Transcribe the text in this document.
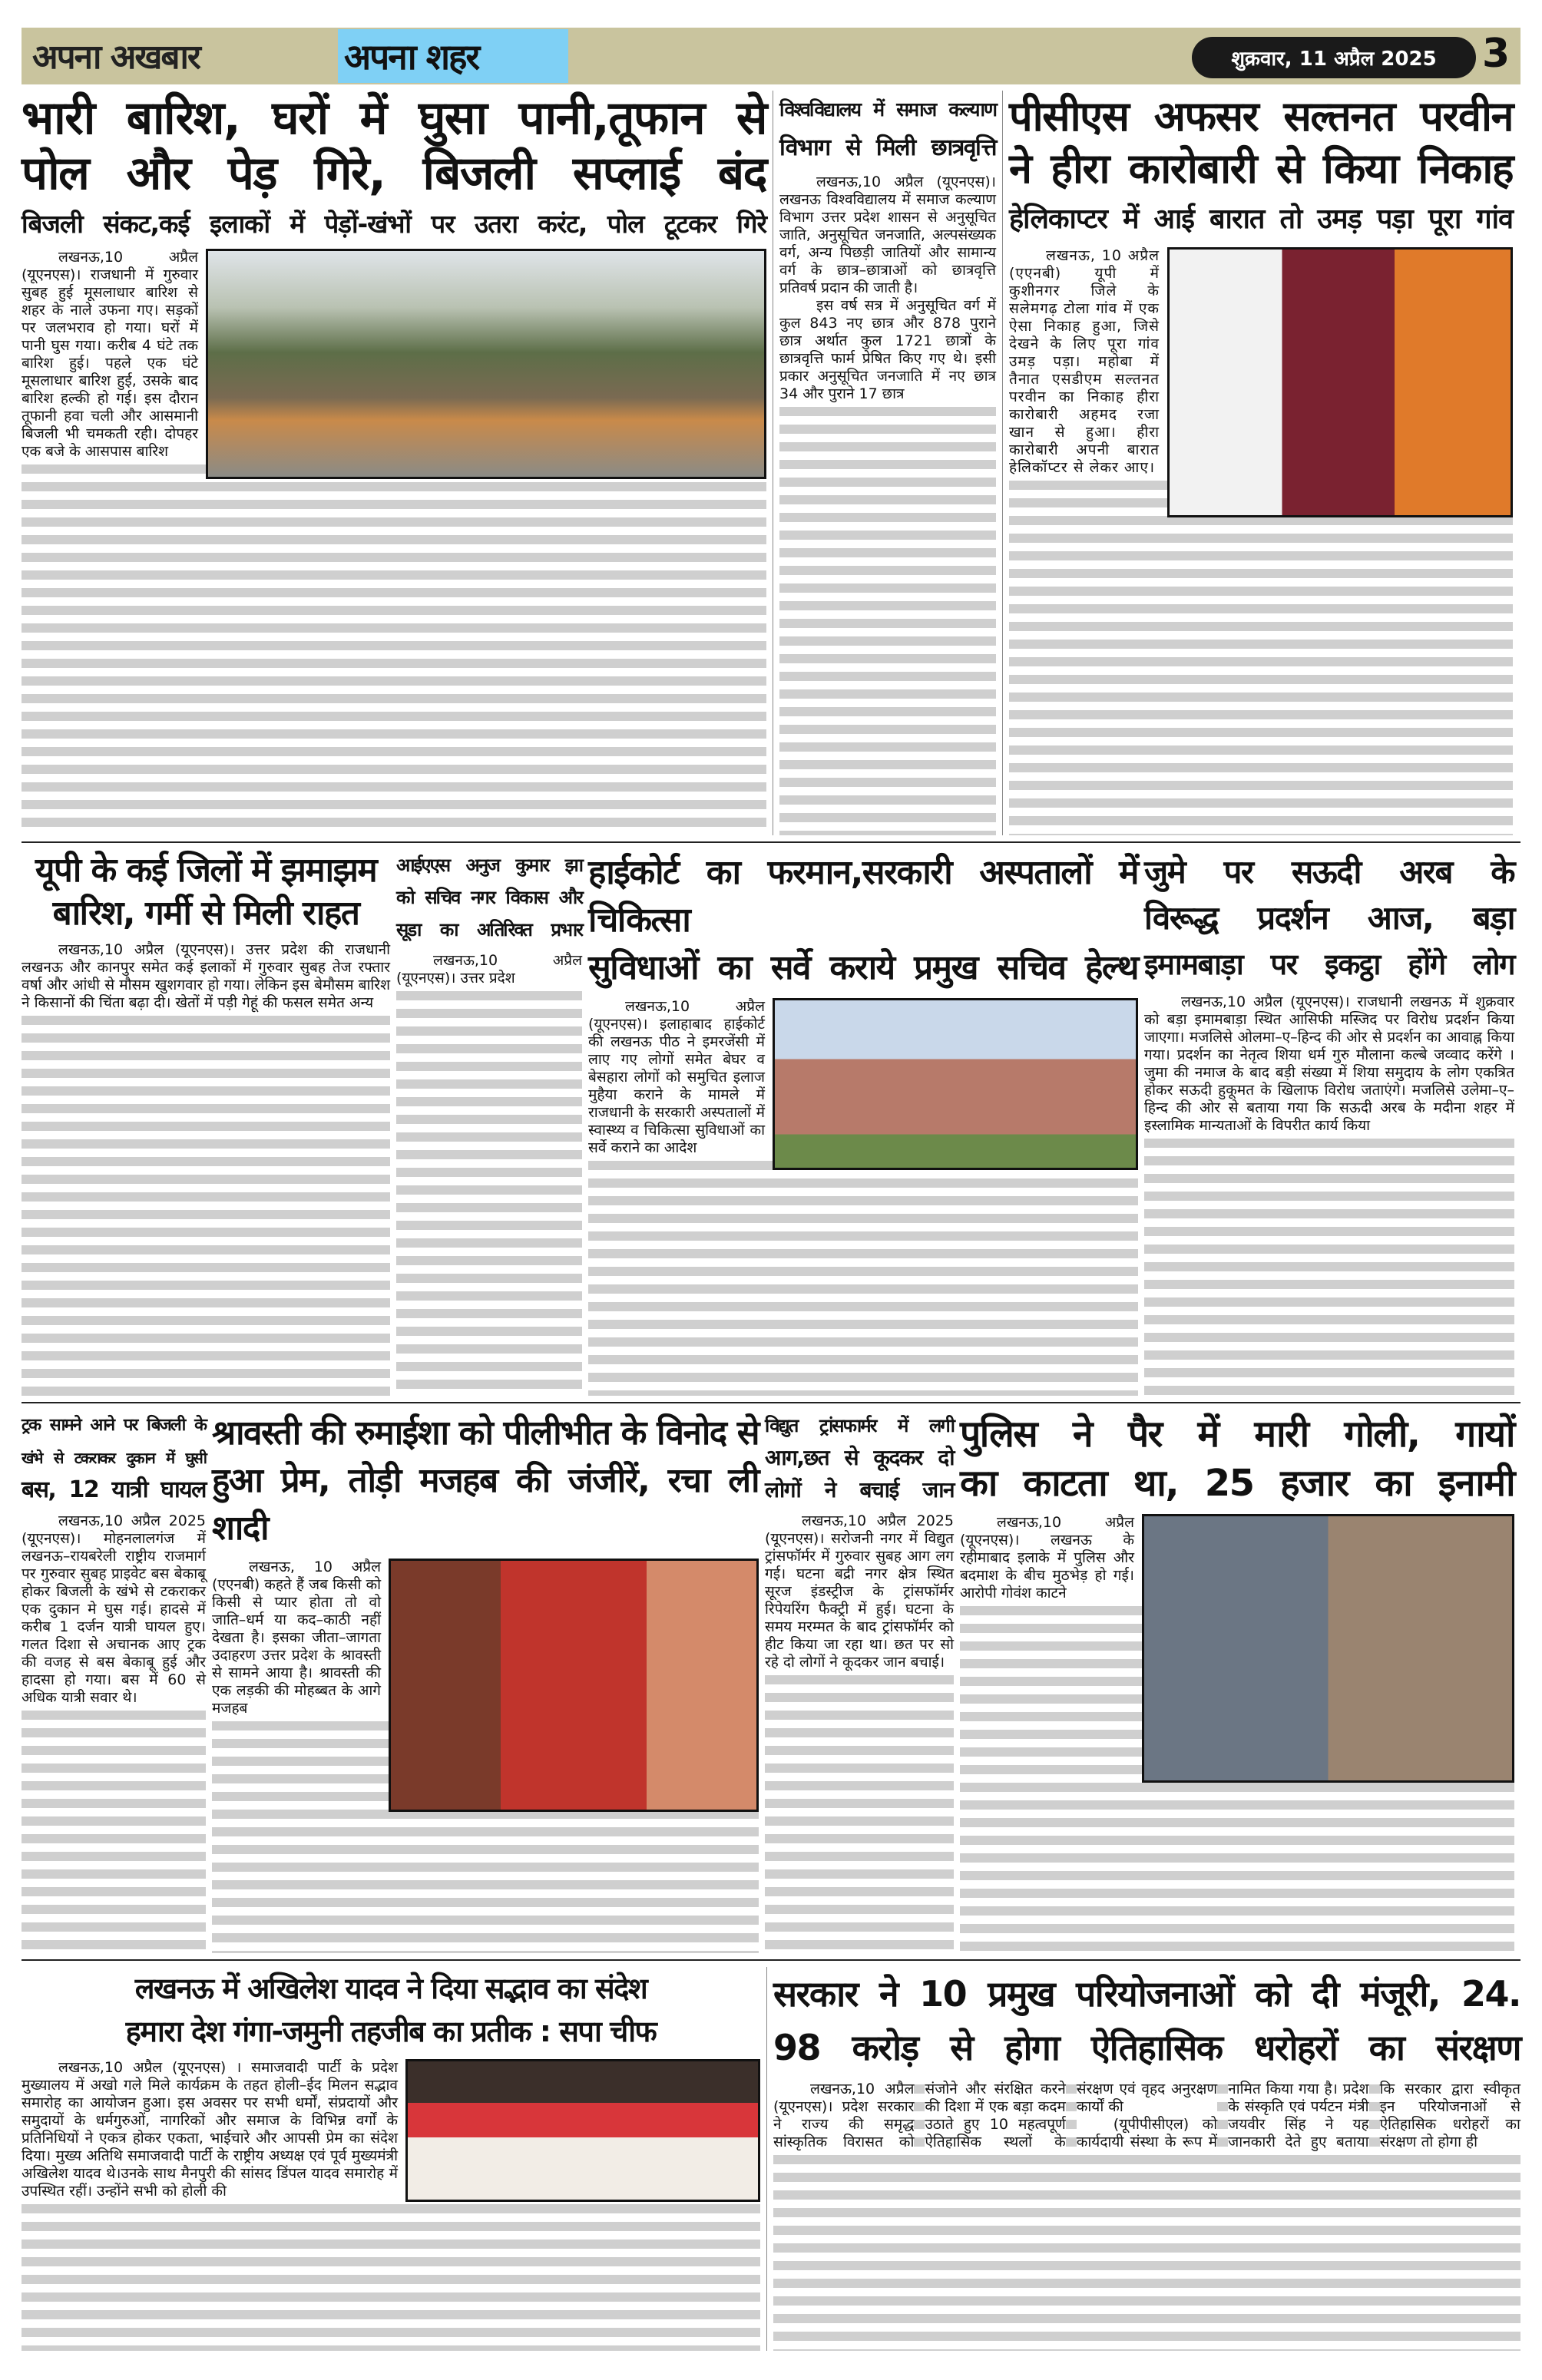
अपना अखबार	अपना शहर	शुक्रवार, 11 अप्रैल 2025 3
भारी बारिश, घरों में घुसा पानी,तूफान से
पोल और पेड़ गिरे, बिजली सप्लाई बंद
बिजली संकट,कई इलाकों में पेड़ों-खंभों पर उतरा करंट, पोल टूटकर गिरे

लखनऊ,10 अप्रैल (यूएनएस)। राजधानी में गुरुवार सुबह हुई मूसलाधार बारिश से शहर के नाले उफना गए। सड़कों पर जलभराव हो गया। घरों में पानी घुस गया। करीब 4 घंटे तक बारिश हुई। पहले एक घंटे मूसलाधार बारिश हुई, उसके बाद बारिश हल्की हो गई। इस दौरान तूफानी हवा चली और आसमानी बिजली भी चमकती रही। दोपहर एक बजे के आसपास बारिश

विश्वविद्यालय में समाज कल्याण
विभाग से मिली छात्रवृत्ति

लखनऊ,10 अप्रैल (यूएनएस)। लखनऊ विश्वविद्यालय में समाज कल्याण विभाग उत्तर प्रदेश शासन से अनुसूचित जाति, अनुसूचित जनजाति, अल्पसंख्यक वर्ग, अन्य पिछड़ी जातियों और सामान्य वर्ग के छात्र–छात्राओं को छात्रवृत्ति प्रतिवर्ष प्रदान की जाती है।

इस वर्ष सत्र में अनुसूचित वर्ग में कुल 843 नए छात्र और 878 पुराने छात्र अर्थात कुल 1721 छात्रों के छात्रवृत्ति फार्म प्रेषित किए गए थे। इसी प्रकार अनुसूचित जनजाति में नए छात्र 34 और पुराने 17 छात्र

पीसीएस अफसर सल्तनत परवीन
ने हीरा कारोबारी से किया निकाह
हेलिकाप्टर में आई बारात तो उमड़ पड़ा पूरा गांव

लखनऊ, 10 अप्रैल (एएनबी) यूपी में कुशीनगर जिले के सलेमगढ़ टोला गांव में एक ऐसा निकाह हुआ, जिसे देखने के लिए पूरा गांव उमड़ पड़ा। महोबा में तैनात एसडीएम सल्तनत परवीन का निकाह हीरा कारोबारी अहमद रजा खान से हुआ। हीरा कारोबारी अपनी बारात हेलिकॉप्टर से लेकर आए।

यूपी के कई जिलों में झमाझम
बारिश, गर्मी से मिली राहत

लखनऊ,10 अप्रैल (यूएनएस)। उत्तर प्रदेश की राजधानी लखनऊ और कानपुर समेत कई इलाकों में गुरुवार सुबह तेज रफ्तार वर्षा और आंधी से मौसम खुशगवार हो गया। लेकिन इस बेमौसम बारिश ने किसानों की चिंता बढ़ा दी। खेतों में पड़ी गेहूं की फसल समेत अन्य

आईएएस अनुज कुमार झा
को सचिव नगर विकास और
सूडा का अतिरिक्त प्रभार

लखनऊ,10 अप्रैल (यूएनएस)। उत्तर प्रदेश

हाईकोर्ट का फरमान,सरकारी अस्पतालों में चिकित्सा
सुविधाओं का सर्वे कराये प्रमुख सचिव हेल्थ

लखनऊ,10 अप्रैल (यूएनएस)। इलाहाबाद हाईकोर्ट की लखनऊ पीठ ने इमरजेंसी में लाए गए लोगों समेत बेघर व बेसहारा लोगों को समुचित इलाज मुहैया कराने के मामले में राजधानी के सरकारी अस्पतालों में स्वास्थ्य व चिकित्सा सुविधाओं का सर्वे कराने का आदेश

जुमे पर सऊदी अरब के
विरूद्ध प्रदर्शन आज, बड़ा
इमामबाड़ा पर इकट्ठा होंगे लोग

लखनऊ,10 अप्रैल (यूएनएस)। राजधानी लखनऊ में शुक्रवार को बड़ा इमामबाड़ा स्थित आसिफी मस्जिद पर विरोध प्रदर्शन किया जाएगा। मजलिसे ओलमा–ए–हिन्द की ओर से प्रदर्शन का आवाह्न किया गया। प्रदर्शन का नेतृत्व शिया धर्म गुरु मौलाना कल्बे जव्वाद करेंगे । जुमा की नमाज के बाद बड़ी संख्या में शिया समुदाय के लोग एकत्रित होकर सऊदी हुकूमत के खिलाफ विरोध जताएंगे। मजलिसे उलेमा–ए–हिन्द की ओर से बताया गया कि सऊदी अरब के मदीना शहर में इस्लामिक मान्यताओं के विपरीत कार्य किया

ट्रक सामने आने पर बिजली के
खंभे से टकराकर दुकान में घुसी
बस, 12 यात्री घायल

लखनऊ,10 अप्रैल 2025 (यूएनएस)। मोहनलालगंज में लखनऊ–रायबरेली राष्ट्रीय राजमार्ग पर गुरुवार सुबह प्राइवेट बस बेकाबू होकर बिजली के खंभे से टकराकर एक दुकान मे घुस गई। हादसे में करीब 1 दर्जन यात्री घायल हुए। गलत दिशा से अचानक आए ट्रक की वजह से बस बेकाबू हुई और हादसा हो गया। बस में 60 से अधिक यात्री सवार थे।

श्रावस्ती की रुमाईशा को पीलीभीत के विनोद से
हुआ प्रेम, तोड़ी मजहब की जंजीरें, रचा ली शादी

लखनऊ, 10 अप्रैल (एएनबी) कहते हैं जब किसी को किसी से प्यार होता तो वो जाति–धर्म या कद–काठी नहीं देखता है। इसका जीता–जागता उदाहरण उत्तर प्रदेश के श्रावस्ती से सामने आया है। श्रावस्ती की एक लड़की की मोहब्बत के आगे मजहब

विद्युत ट्रांसफार्मर में लगी
आग,छत से कूदकर दो
लोगों ने बचाई जान

लखनऊ,10 अप्रैल 2025 (यूएनएस)। सरोजनी नगर में विद्युत ट्रांसफॉर्मर में गुरुवार सुबह आग लग गई। घटना बद्री नगर क्षेत्र स्थित सूरज इंडस्ट्रीज के ट्रांसफॉर्मर रिपेयरिंग फैक्ट्री में हुई। घटना के समय मरम्मत के बाद ट्रांसफॉर्मर को हीट किया जा रहा था। छत पर सो रहे दो लोगों ने कूदकर जान बचाई।

पुलिस ने पैर में मारी गोली, गायों
का काटता था, 25 हजार का इनामी

लखनऊ,10 अप्रैल (यूएनएस)। लखनऊ के रहीमाबाद इलाके में पुलिस और बदमाश के बीच मुठभेड़ हो गई। आरोपी गोवंश काटने

लखनऊ में अखिलेश यादव ने दिया सद्भाव का संदेश
हमारा देश गंगा-जमुनी तहजीब का प्रतीक : सपा चीफ

लखनऊ,10 अप्रैल (यूएनएस) । समाजवादी पार्टी के प्रदेश मुख्यालय में अखो गले मिले कार्यक्रम के तहत होली–ईद मिलन सद्भाव समारोह का आयोजन हुआ। इस अवसर पर सभी धर्मों, संप्रदायों और समुदायों के धर्मगुरुओं, नागरिकों और समाज के विभिन्न वर्गों के प्रतिनिधियों ने एकत्र होकर एकता, भाईचारे और आपसी प्रेम का संदेश दिया। मुख्य अतिथि समाजवादी पार्टी के राष्ट्रीय अध्यक्ष एवं पूर्व मुख्यमंत्री अखिलेश यादव थे।उनके साथ मैनपुरी की सांसद डिंपल यादव समारोह में उपस्थित रहीं। उन्होंने सभी को होली की

सरकार ने 10 प्रमुख परियोजनाओं को दी मंजूरी, 24.
98 करोड़ से होगा ऐतिहासिक धरोहरों का संरक्षण

लखनऊ,10 अप्रैल (यूएनएस)। प्रदेश सरकार ने राज्य की समृद्ध सांस्कृतिक विरासत को संजोने और संरक्षित करने की दिशा में एक बड़ा कदम उठाते हुए 10 महत्वपूर्ण ऐतिहासिक स्थलों के संरक्षण एवं वृहद अनुरक्षण कार्यों की

(यूपीपीसीएल) को कार्यदायी संस्था के रूप में नामित किया गया है। प्रदेश के संस्कृति एवं पर्यटन मंत्री जयवीर सिंह ने यह जानकारी देते हुए बताया कि सरकार द्वारा स्वीकृत इन परियोजनाओं से ऐतिहासिक धरोहरों का संरक्षण तो होगा ही
